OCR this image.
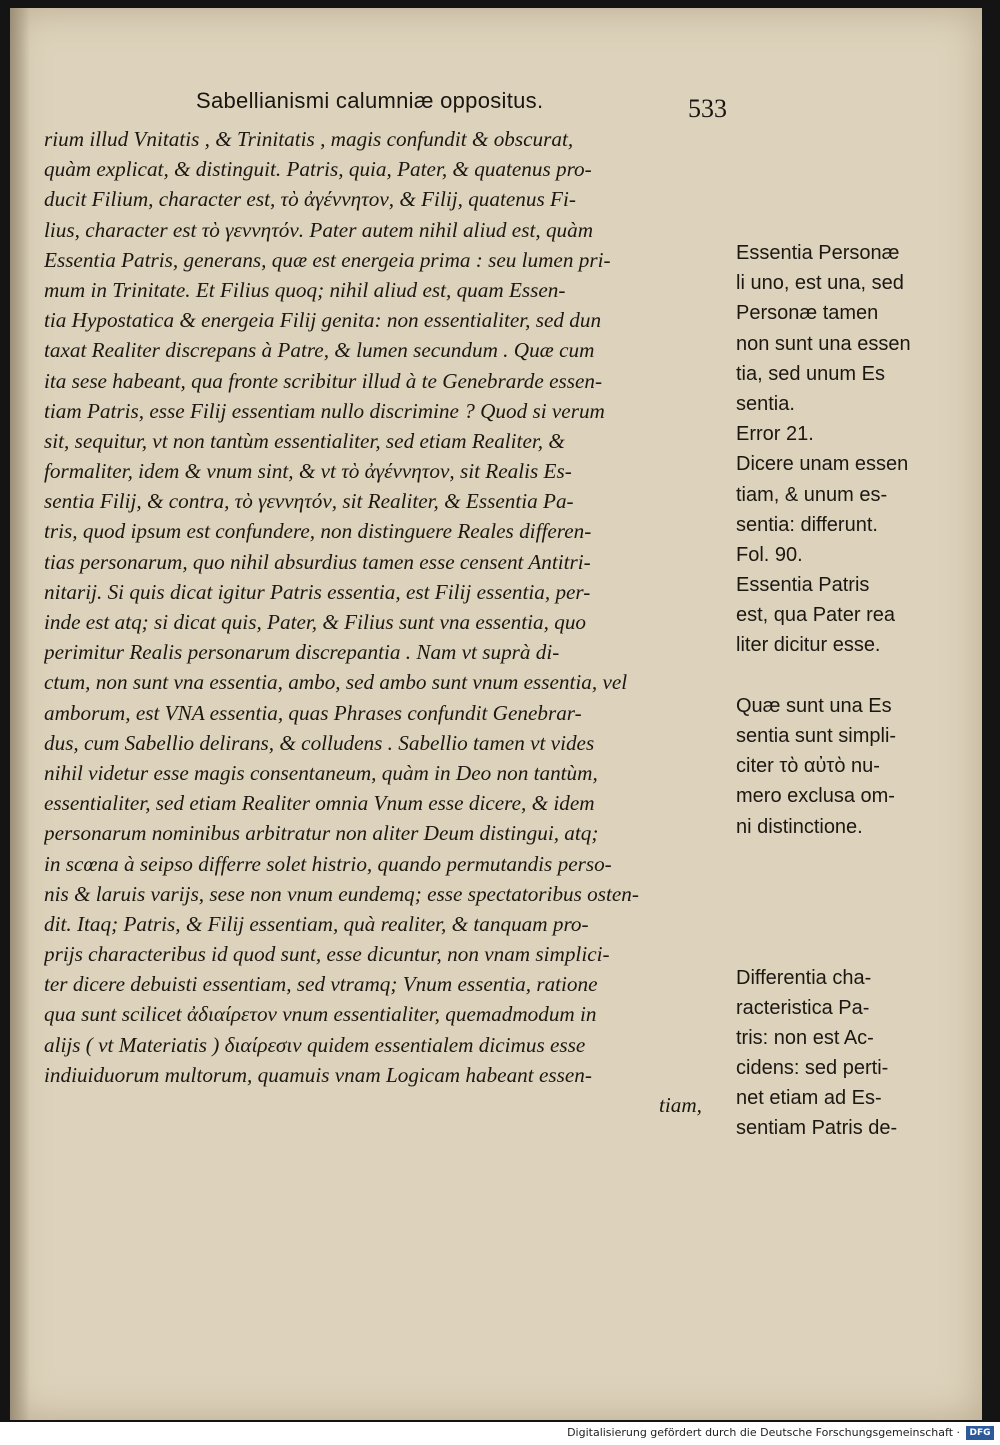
Sabellianismi calumniæ oppositus.	533
rium illud Vnitatis , & Trinitatis , magis confundit & obscurat,
quàm explicat, & distinguit. Patris, quia, Pater, & quatenus pro-
ducit Filium, character est, τὸ ἀγέννητον, & Filij, quatenus Fi-
lius, character est τὸ γεννητόν. Pater autem nihil aliud est, quàm
Essentia Patris, generans, quæ est energeia prima : seu lumen pri-
mum in Trinitate. Et Filius quoq; nihil aliud est, quam Essen-
tia Hypostatica & energeia Filij genita: non essentialiter, sed dun
taxat Realiter discrepans à Patre, & lumen secundum . Quæ cum
ita sese habeant, qua fronte scribitur illud à te Genebrarde essen-
tiam Patris, esse Filij essentiam nullo discrimine ? Quod si verum
sit, sequitur, vt non tantùm essentialiter, sed etiam Realiter, &
formaliter, idem & vnum sint, & vt τὸ ἀγέννητον, sit Realis Es-
sentia Filij, & contra, τὸ γεννητόν, sit Realiter, & Essentia Pa-
tris, quod ipsum est confundere, non distinguere Reales differen-
tias personarum, quo nihil absurdius tamen esse censent Antitri-
nitarij. Si quis dicat igitur Patris essentia, est Filij essentia, per-
inde est atq; si dicat quis, Pater, & Filius sunt vna essentia, quo
perimitur Realis personarum discrepantia . Nam vt suprà di-
ctum, non sunt vna essentia, ambo, sed ambo sunt vnum essentia, vel
amborum, est VNA essentia, quas Phrases confundit Genebrar-
dus, cum Sabellio delirans, & colludens . Sabellio tamen vt vides
nihil videtur esse magis consentaneum, quàm in Deo non tantùm,
essentialiter, sed etiam Realiter omnia Vnum esse dicere, & idem
personarum nominibus arbitratur non aliter Deum distingui, atq;
in scœna à seipso differre solet histrio, quando permutandis perso-
nis & laruis varijs, sese non vnum eundemq; esse spectatoribus osten-
dit. Itaq; Patris, & Filij essentiam, quà realiter, & tanquam pro-
prijs characteribus id quod sunt, esse dicuntur, non vnam simplici-
ter dicere debuisti essentiam, sed vtramq; Vnum essentia, ratione
qua sunt scilicet ἀδιαίρετον vnum essentialiter, quemadmodum in
alijs ( vt Materiatis ) διαίρεσιν quidem essentialem dicimus esse
indiuiduorum multorum, quamuis vnam Logicam habeant essen-
tiam,
Essentia Personæ
li uno, est una, sed
Personæ tamen
non sunt una essen
tia, sed unum Es
sentia.
Error 21.
Dicere unam essen
tiam, & unum es-
sentia: differunt.
Fol. 90.
Essentia Patris
est, qua Pater rea
liter dicitur esse.
Quæ sunt una Es
sentia sunt simpli-
citer τὸ αὐτὸ nu-
mero exclusa om-
ni distinctione.
Differentia cha-
racteristica Pa-
tris: non est Ac-
cidens: sed perti-
net etiam ad Es-
sentiam Patris de-
Digitalisierung gefördert durch die Deutsche Forschungsgemeinschaft ·	DFG
